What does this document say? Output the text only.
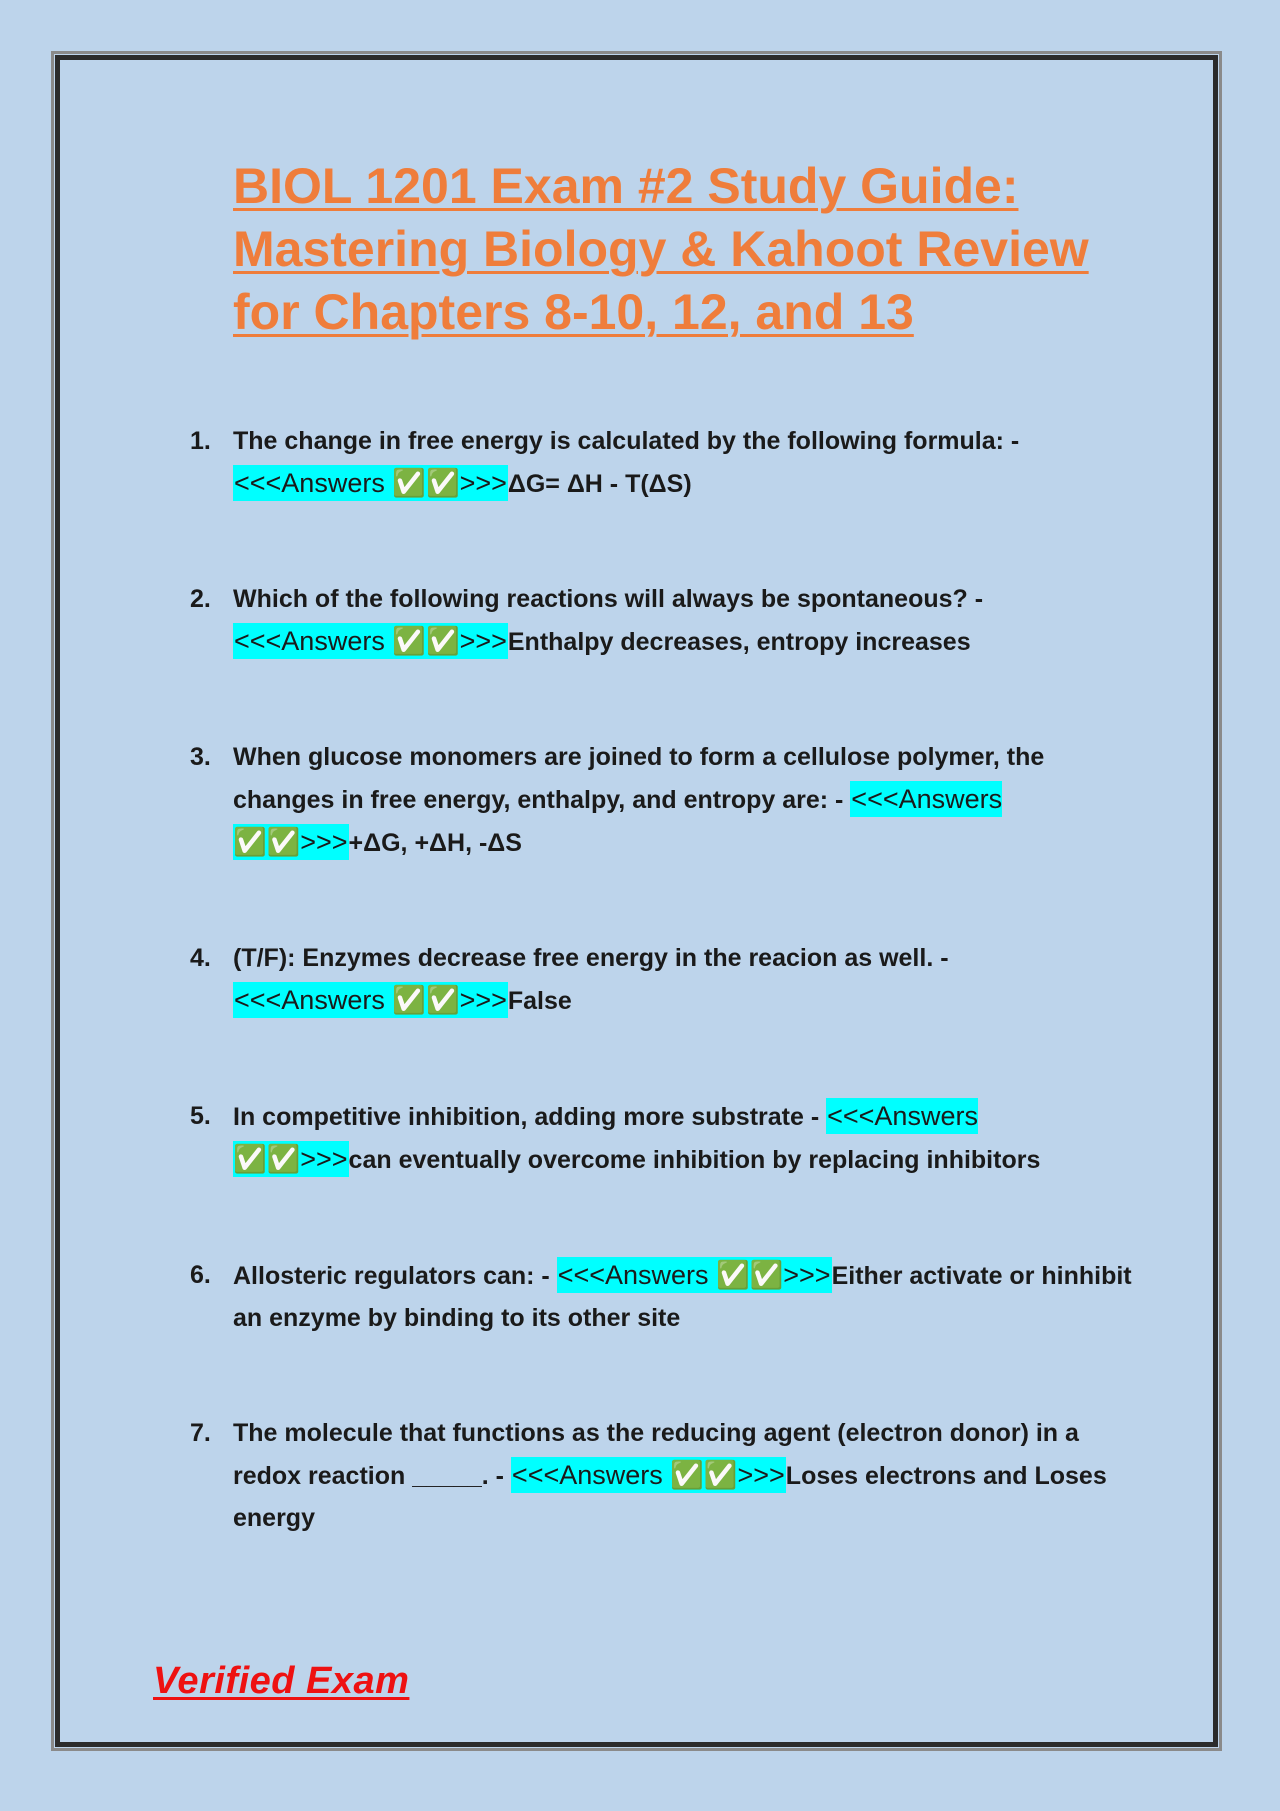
BIOL 1201 Exam #2 Study Guide:
Mastering Biology & Kahoot Review
for Chapters 8-10, 12, and 13
1. The change in free energy is calculated by the following formula: -
<<<Answers ✅✅>>>ΔG= ΔH - T(ΔS)
2. Which of the following reactions will always be spontaneous? -
<<<Answers ✅✅>>>Enthalpy decreases, entropy increases
3. When glucose monomers are joined to form a cellulose polymer, the changes in free energy, enthalpy, and entropy are: - <<<Answers ✅✅>>>+ΔG, +ΔH, -ΔS
4. (T/F): Enzymes decrease free energy in the reacion as well. -
<<<Answers ✅✅>>>False
5. In competitive inhibition, adding more substrate - <<<Answers ✅✅>>>can eventually overcome inhibition by replacing inhibitors
6. Allosteric regulators can: - <<<Answers ✅✅>>>Either activate or hinhibit an enzyme by binding to its other site
7. The molecule that functions as the reducing agent (electron donor) in a redox reaction _____. - <<<Answers ✅✅>>>Loses electrons and Loses energy

Verified Exam
